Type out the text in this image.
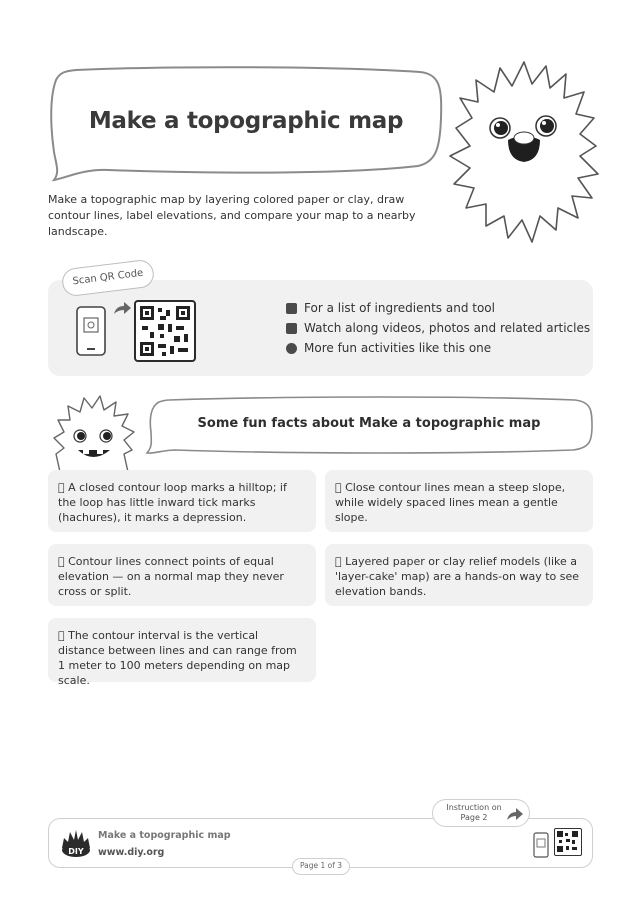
Make a topographic map
Make a topographic map by layering colored paper or clay, draw contour lines, label elevations, and compare your map to a nearby landscape.
Scan QR Code
For a list of ingredients and tool
Watch along videos, photos and related articles
More fun activities like this one
Some fun facts about Make a topographic map
  A closed contour loop marks a hilltop; if the loop has little inward tick marks (hachures), it marks a depression.
  Close contour lines mean a steep slope, while widely spaced lines mean a gentle slope.
  Contour lines connect points of equal elevation — on a normal map they never cross or split.
  Layered paper or clay relief models (like a 'layer-cake' map) are a hands-on way to see elevation bands.
  The contour interval is the vertical distance between lines and can range from 1 meter to 100 meters depending on map scale.
DIY
Make a topographic map
www.diy.org
Instruction on Page 2
Page 1 of 3
